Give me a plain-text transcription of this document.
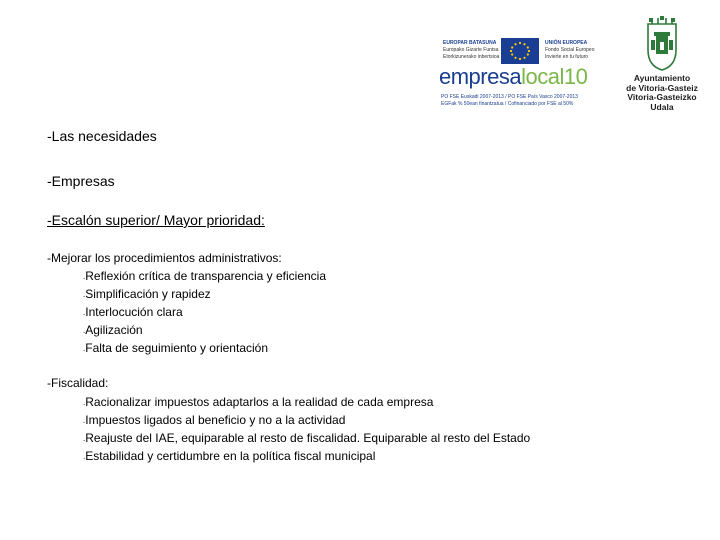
EUROPAR BATASUNA
Europako Gizarte Funtsa
Etorkizunerako inbertsioa
UNIÓN EUROPEA
Fondo Social Europeo
Invierte en tu futuro
empresalocal10
PO FSE Euskadi 2007-2013 / PO FSE País Vasco 2007-2013
EGFak % 50ean finantzatua / Cofinanciado por FSE al 50%
Ayuntamiento
de Vitoria-Gasteiz
Vitoria-Gasteizko
Udala
-Las necesidades
-Empresas
-Escalón superior/ Mayor prioridad:
-Mejorar los procedimientos administrativos:
.Reflexión crítica de transparencia y eficiencia
.Simplificación y rapidez
.Interlocución clara
.Agilización
.Falta de seguimiento y orientación
-Fiscalidad:
.Racionalizar impuestos adaptarlos a la realidad de cada empresa
.Impuestos ligados al beneficio y no a la actividad
.Reajuste del IAE, equiparable al resto de fiscalidad. Equiparable al resto del Estado
.Estabilidad y certidumbre en la política fiscal municipal
